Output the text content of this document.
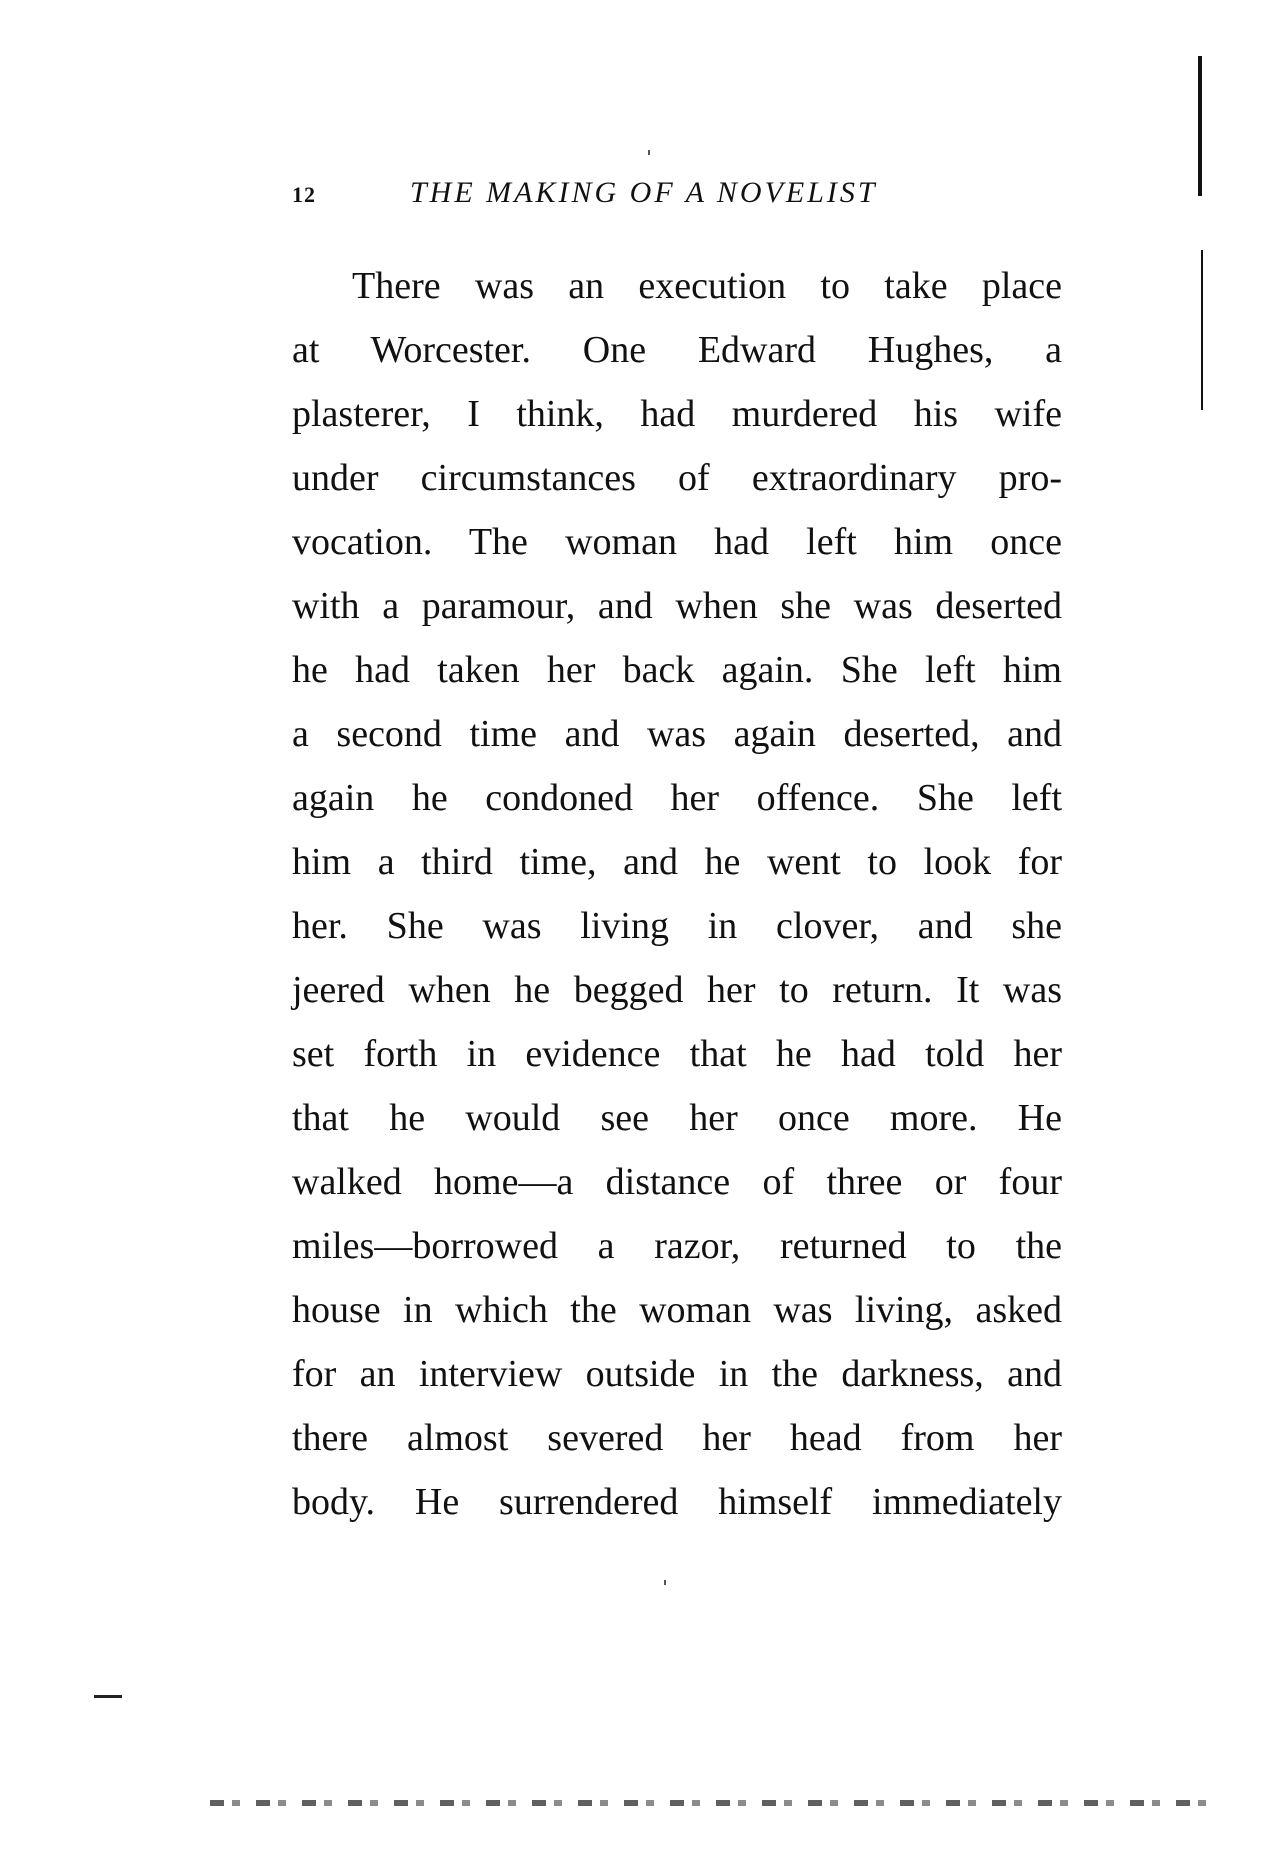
12	THE MAKING OF A NOVELIST
There was an execution to take place
at Worcester. One Edward Hughes, a
plasterer, I think, had murdered his wife
under circumstances of extraordinary pro-
vocation. The woman had left him once
with a paramour, and when she was deserted
he had taken her back again. She left him
a second time and was again deserted, and
again he condoned her offence. She left
him a third time, and he went to look for
her. She was living in clover, and she
jeered when he begged her to return. It was
set forth in evidence that he had told her
that he would see her once more. He
walked home—a distance of three or four
miles—borrowed a razor, returned to the
house in which the woman was living, asked
for an interview outside in the darkness, and
there almost severed her head from her
body. He surrendered himself immediately
